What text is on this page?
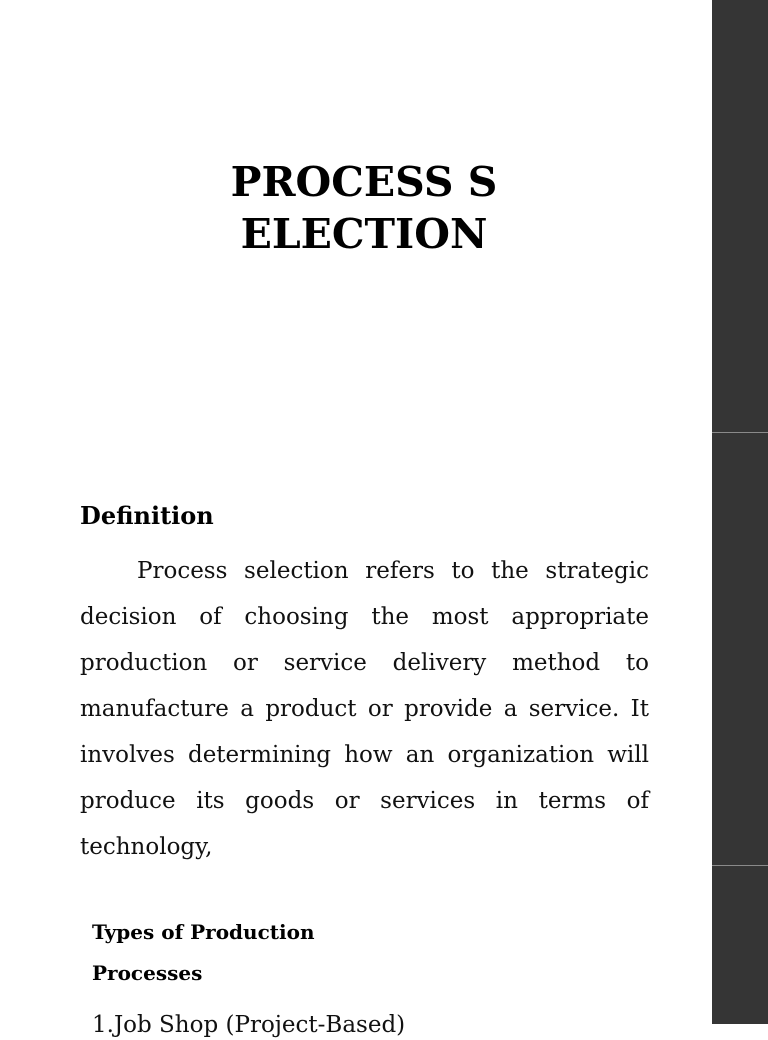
PROCESS SELECTION
Definition

Process selection refers to the strategic decision of choosing the most appropriate production or service delivery method to manufacture a product or provide a service. It involves determining how an organization will produce its goods or services in terms of technology,

Types of Production Processes

1.Job Shop (Project-Based)
